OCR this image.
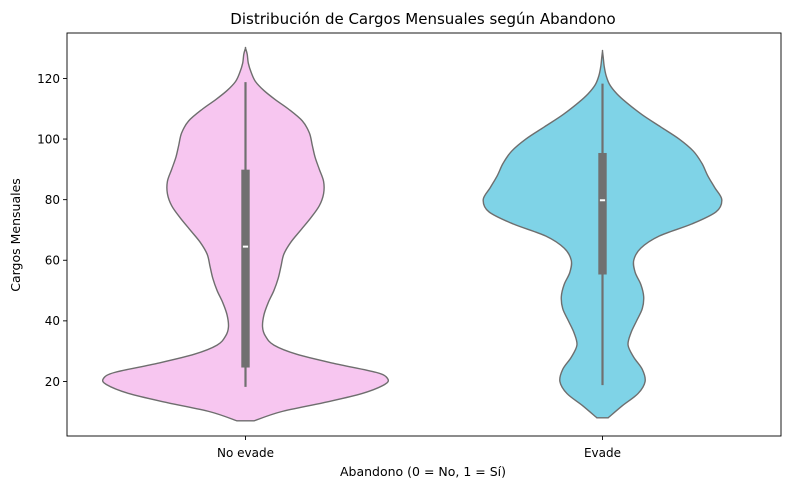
Distribución de Cargos Mensuales según Abandono
20
40
60
80
100
120
No evade	Evade
Abandono (0 = No, 1 = Sí)
Cargos Mensuales
